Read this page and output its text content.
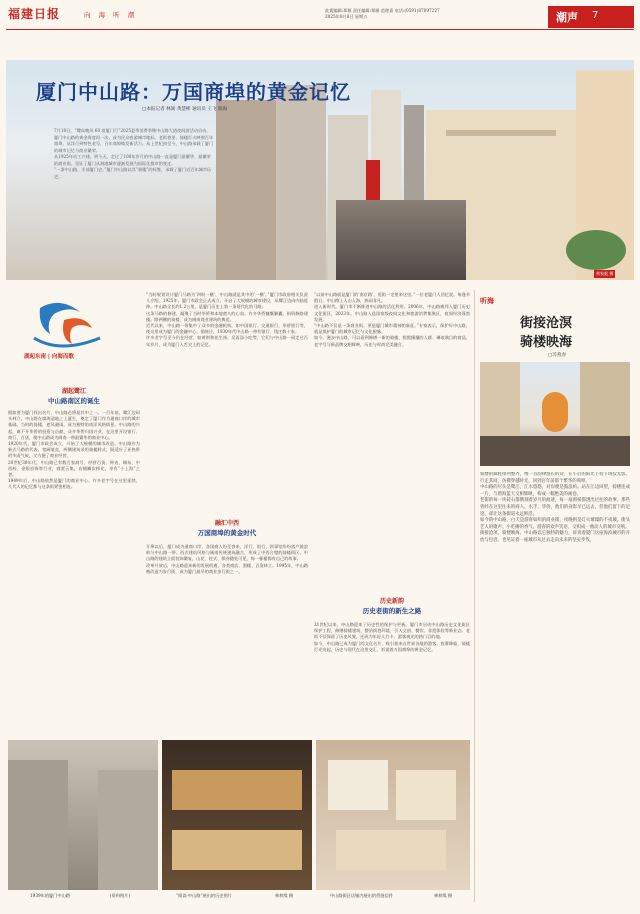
福建日报	向 海 听 潮
此責编辑:郑雁 责任编辑:郑雁 范理嘉 电话:(0591)87097227
2025年8月8日 星期五	潮声 7
厦门中山路：万国商埠的黄金记忆
□本报记者 林闽 黄慧彬 通讯员 王飞 陈海

7月18日，“鹭岛晚风 60 游厦门行”2025夏季消费季暨中山路大道夜间游活动启动，厦门中山路的黄金周度再一次，成为民众夜游城市地标。老街巷里，骑楼灯火映照百年商埠，从洋行到特色老号，百年商埠焕发新活力。从上世纪初至今，中山路承载了厦门的城市记忆与商业繁荣。

从1925年动工兴建，到今天，走过了100年岁月的中山路一直是厦门最繁华、最繁荣的商业街，见证了厦门从海港城市逐渐发展为国际化都市的变迁。

“一条中山路，半部厦门史。”厦门中山路以其“骑楼”的标签，承载了厦门近百年城市历史。

黄家彪 摄
湖起东南 | 向海而歌
湖起鹭江
中山路南区的诞生

假如要为厦门找出名片，中山路必将是其中之一。一百年前，鹭江边码头林立，中山路在填海造地之上诞生，奠定了厦门作为通商口岸的城市基础。当时的骑楼，遮风避雨，成为独特的南洋风格街景。中山路的兴起，离不开华侨的投资与贡献，众多华侨归国兴业，在这里开设银行、商行、百货，使中山路成为闽南一带最繁华的商业中心。

1920年代，厦门市政会成立，开始了大规模的城市改造。中山路作为新式马路的代表，宽阔笔直，两侧建筑采用骑楼样式，既适应了亚热带的多雨气候，又方便了商业经营。

20世纪30年代，中山路已有数百家商号，经营百货、钟表、绸布、中西药、金银首饰等行业，商贾云集，店铺鳞次栉比，享有“小上海”之誉。

1949年后，中山路依然是厦门的商业中心。许多老字号在这里延续，几代人的记忆都与这条街紧密相连。

“当时规划设计厦门马路为‘四纵一横’，中山路就是其中的‘一横’。”厦门市政府相关负责人介绍。1925年，厦门市政会正式成立，开启了大规模的城市建设，从鹭江边向内陆延伸。中山路全长约1.2公里，是厦门历史上第一条现代化的马路。

这条马路的修建，凝聚了当时华侨和本地商人的心血。许多华侨慷慨解囊，捐资修路建楼。路两侧的骑楼，成为闽南商业建筑的典范。

近代以来，中山路一带集中了众多的金融机构，如中国银行、交通银行、华侨银行等，使这里成为厦门的金融中心。据统计，1930年代中山路一带有银行、钱庄数十家。

许多老字号至今仍在经营，如黄则和花生汤、吴再添小吃等，它们与中山路一同走过百年岁月，成为厦门人舌尖上的记忆。

融汇中西
万国商埠的黄金时代

开埠以后，厦门成为通商口岸，各国商人纷至沓来，洋行、银行、领事馆纷纷落户鼓浪屿与中山路一带。西式建筑风格与闽南传统建筑融合，形成了中西合璧的骑楼街区。中山路的建筑立面装饰繁复，山花、柱式、拱券随处可见，每一栋楼都有自己的故事。

改革开放后，中山路迎来新的发展机遇，各类商店、酒楼、百货林立。1995年，中山路被改造为步行街，成为厦门最早的商业步行街之一。

“以前中山路就是厦门的‘南京路’，逛街一定要来这里。”一位老厦门人回忆说。每逢节假日，中山路上人山人海，热闹非凡。

进入新时代，厦门市不断推进中山路的活化利用。2006年，中山路被列入厦门历史文化街区，2023年，中山路入选国家级夜间文化和旅游消费集聚区，夜间经济蓬勃发展。

“中山路不仅是一条商业街，更是厦门城市精神的象征。”专家表示，保护好中山路，就是保护厦门的城市记忆与文化根脉。

如今，漫步中山路，可以看到修缮一新的骑楼、熙熙攘攘的人群、琳琅满目的商品，老字号与新品牌交相辉映，历史与时尚完美融合。

历史新韵
历史老街的新生之路

21世纪以来，中山路迎来了历史性的保护与更新。厦门市启动中山路历史文化街区保护工程，修缮骑楼建筑，整治街巷环境，引入文创、餐饮、非遗体验等新业态。老街不仅保留了历史风貌，还成为年轻人打卡、游客观光的热门目的地。

如今，中山路已成为厦门的文化名片，吸引着来自世界各地的游客。夜幕降临，骑楼灯光亮起，历史与现代在这里交汇，诉说着万国商埠的黄金记忆。

听海
街接沧溟
骑楼映海
□苏燕春

骑楼的廊柱排列整齐，像一首韵律悠长的诗，在午后的阳光下投下斑驳光影。行走其间，仿佛穿越时光，回到百年前那个繁华的商埠。

中山路的尽头是鹭江，江水悠悠，对岸便是鼓浪屿。站在江边回望，骑楼连成一片，与碧海蓝天交相辉映，构成一幅绝美的画卷。

老街的每一块砖石都镌刻着岁月的痕迹，每一扇窗棂都透出过往的故事。那些曾经在这里往来的商人、水手、华侨，他们的身影早已远去，但他们留下的足迹，却让这条街道永远鲜活。

如今的中山路，白天是游客如织的商业街，夜晚则是灯火璀璨的不夜城。街头艺人的歌声、小吃摊的香气、游客的欢声笑语，交织成一曲动人的城市交响。

街接沧溟，骑楼映海。中山路以它独特的魅力，诉说着厦门这座海滨城市的开放与包容，也见证着一座城市从过去走向未来的坚实步伐。

1939年的厦门中山路	(资料图片)	“阅读·中山路”展出的历史图片	林梓缘 摄	中山路街区店铺内展出的侨批信件	林梓缘 摄
